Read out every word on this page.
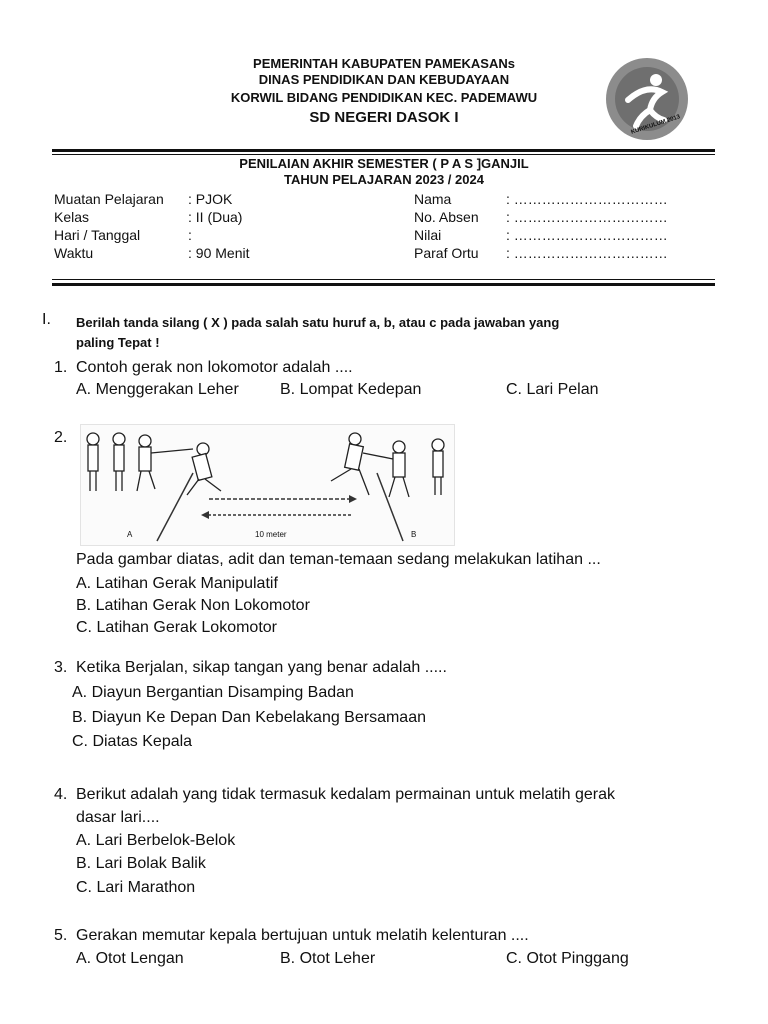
PEMERINTAH KABUPATEN PAMEKASANs
DINAS PENDIDIKAN DAN KEBUDAYAAN
KORWIL BIDANG PENDIDIKAN KEC. PADEMAWU
SD NEGERI DASOK I	KURIKULUM 2013
PENILAIAN AKHIR SEMESTER ( P A S ]GANJIL
TAHUN PELAJARAN 2023 / 2024
Muatan Pelajaran : PJOK
Kelas	: II (Dua)
Hari / Tanggal	:
Waktu	: 90 Menit
Nama	: ……………………………
No. Absen : ……………………………
Nilai	: ……………………………
Paraf Ortu : ……………………………
I. Berilah tanda silang ( X ) pada salah satu huruf a, b, atau c pada jawaban yang
paling Tepat !
1. Contoh gerak non lokomotor adalah ....
A. Menggerakan Leher	B. Lompat Kedepan	C. Lari Pelan
2.
A	10 meter	B
Pada gambar diatas, adit dan teman-temaan sedang melakukan latihan ...
A. Latihan Gerak Manipulatif
B. Latihan Gerak Non Lokomotor
C. Latihan Gerak Lokomotor
3. Ketika Berjalan, sikap tangan yang benar adalah .....
A. Diayun Bergantian Disamping Badan
B. Diayun Ke Depan Dan Kebelakang Bersamaan
C. Diatas Kepala
4. Berikut adalah yang tidak termasuk kedalam permainan untuk melatih gerak
dasar lari....
A. Lari Berbelok-Belok
B. Lari Bolak Balik
C. Lari Marathon
5. Gerakan memutar kepala bertujuan untuk melatih kelenturan ....
A. Otot Lengan	B. Otot Leher	C. Otot Pinggang
